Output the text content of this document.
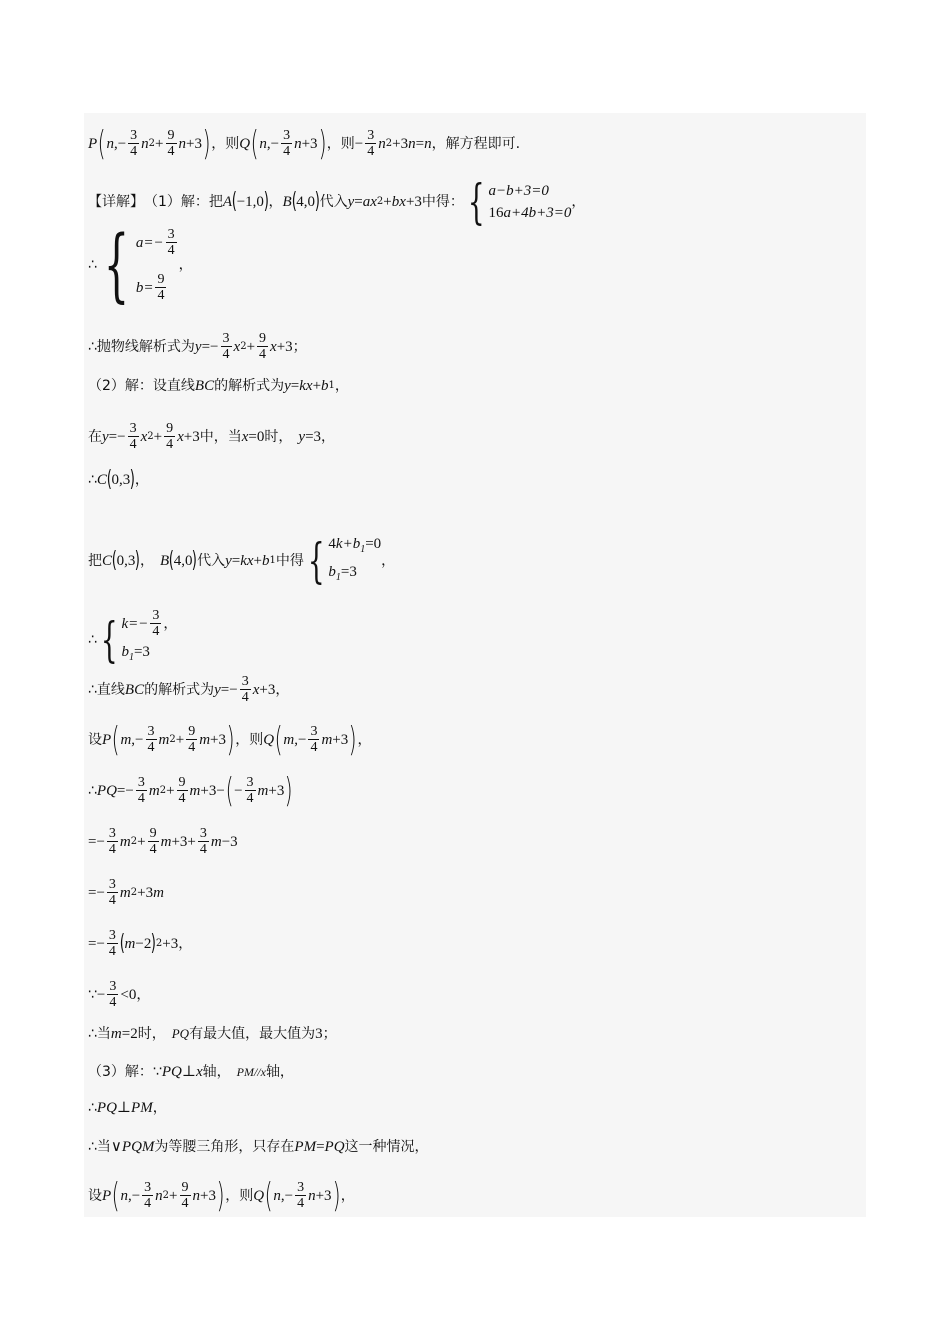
P ( n ,− $\frac{3}{4}$ n $2 + \frac{9}{4}$ n +3 ) ，则 Q ( n ,− $\frac{3}{4}$ n +3 ) ，则 − $\frac{3}{4}$ n 2 +3 n = n ，解方程即可.
【详解】 （1）解：把 A ( −1,0 ) ， B ( 4,0 ) 代入 y = ax 2 + bx +3 中得： { a−b+3=0
16a+4b+3=0
，
∴ { a=− 3
4
b= 9
4
，
∴抛物线解析式为 $y =- \frac{3}{4}$ x $2 + \frac{9}{4}$ x +3 ；
（2）解：设直线 BC 的解析式为 y = kx + b 1 ，
在 $y =- \frac{3}{4}$ x $2 + \frac{9}{4}$ x +3 中，当 x =0 时， y =3 ，
∴ C ( 0,3 ) ，
把 C ( 0,3 ) ， B ( 4,0 ) 代入 y = kx + b 1 中得 { $4k+b_1=0$
$b_1=3$
，
∴ { k=− 3
4 ，
$b_1=3$
∴直线 BC 的解析式为 $y =- \frac{3}{4}$ x +3 ，
设 P ( m ,− $\frac{3}{4}$ m $2 + \frac{9}{4}$ m +3 ) ，则 Q ( m ,− $\frac{3}{4}$ m +3 ) ，
∴ PQ =− $\frac{3}{4}$ m $2 + \frac{9}{4}$ m +3− ( − $\frac{3}{4}$ m +3 )
=− $\frac{3}{4}$ m $2 + \frac{9}{4}$ $m +3+ \frac{3}{4}$ m −3
=− $\frac{3}{4}$ m 2 +3 m
=− $\frac{3}{4}$ ( m −2 ) 2 +3 ，
∵ − $\frac{3}{4} <0$ ，
∴当 m =2 时， PQ 有最大值，最大值为 3 ；
（3）解：∵ PQ ⊥ x 轴， PM // x 轴，
∴ PQ ⊥ PM ，
∴当 ∨ PQM 为等腰三角形，只存在 PM = PQ 这一种情况，
设 P ( n ,− $\frac{3}{4}$ n $2 + \frac{9}{4}$ n +3 ) ，则 Q ( n ,− $\frac{3}{4}$ n +3 ) ，
